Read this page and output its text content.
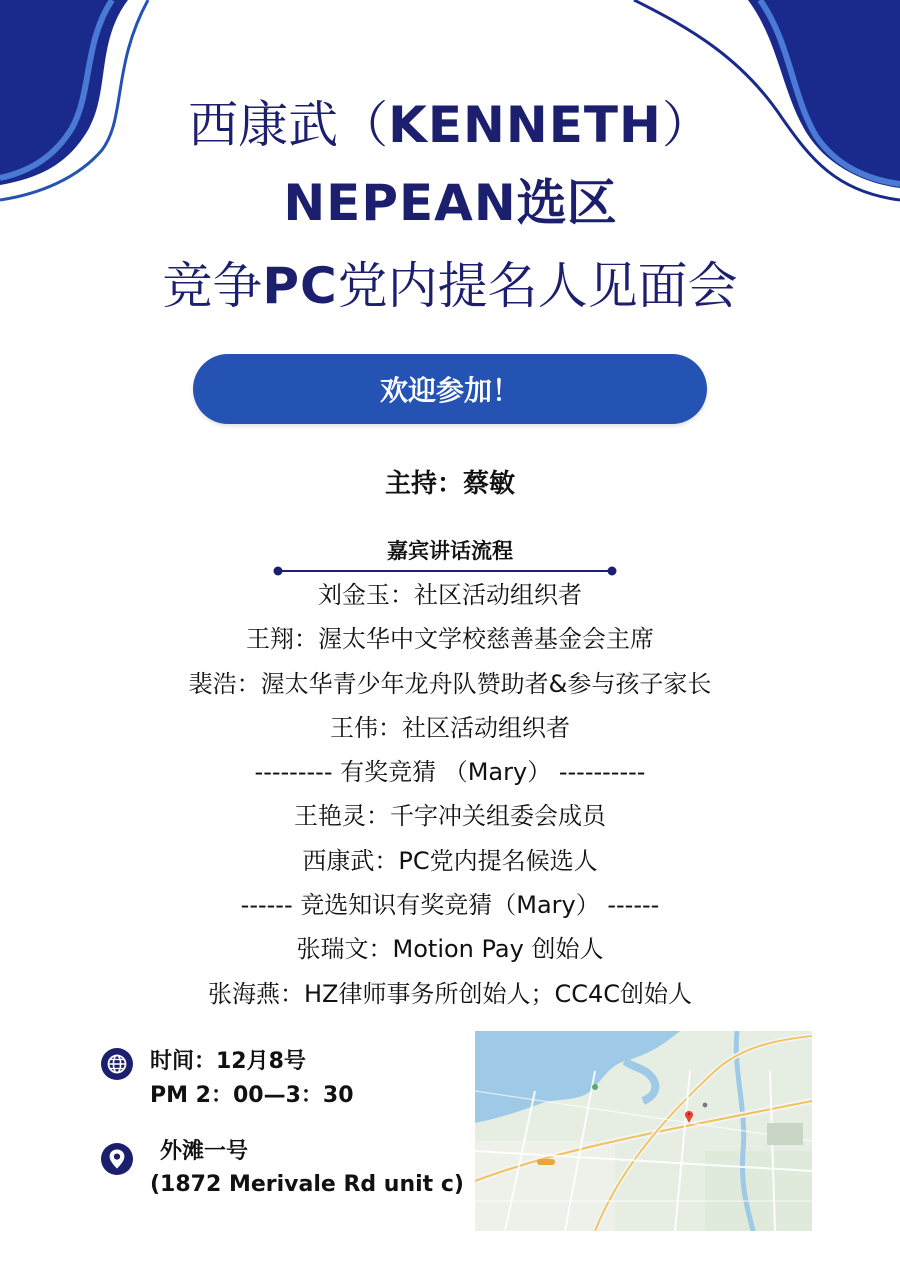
西康武（KENNETH）
NEPEAN选区
竞争PC党内提名人见面会
欢迎参加！
主持：蔡敏
嘉宾讲话流程
刘金玉：社区活动组织者
王翔：渥太华中文学校慈善基金会主席
裴浩：渥太华青少年龙舟队赞助者&参与孩子家长
王伟：社区活动组织者
--------- 有奖竞猜 （Mary） ----------
王艳灵：千字冲关组委会成员
西康武：PC党内提名候选人
------ 竞选知识有奖竞猜（Mary） ------
张瑞文：Motion Pay 创始人
张海燕：HZ律师事务所创始人；CC4C创始人
时间：12月8号
PM 2：00—3：30
外滩一号
(1872 Merivale Rd unit c)
